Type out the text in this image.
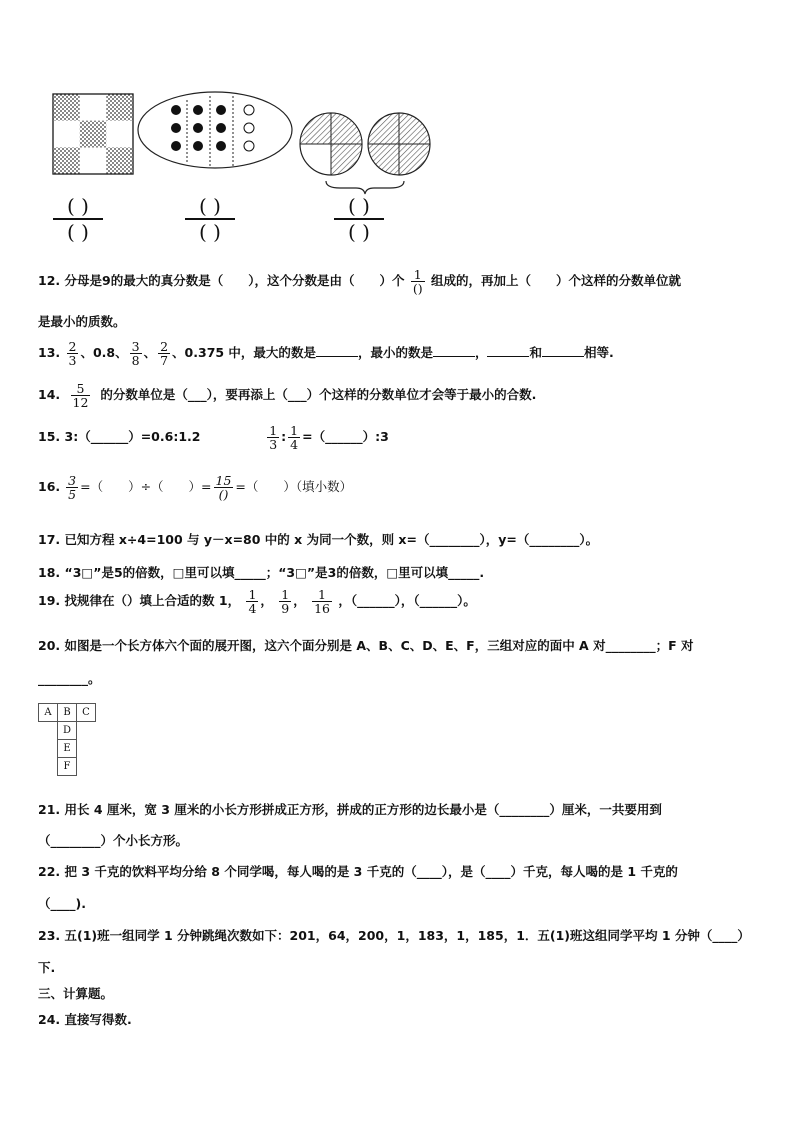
( )
( )
( )
( )
( )
( )
12. 分母是9的最大的真分数是（　　），这个分数是由（　　）个 $\frac{1}{()}$ 组成的，再加上（　　）个这样的分数单位就
是最小的质数。
13. $\frac{2}{3}$ 、0.8、 $\frac{3}{8}$ 、 $\frac{2}{7}$ 、0.375 中，最大的数是	，最小的数是	，	和	相等.
14. $\frac{5}{12}$ 的分数单位是（___），要再添上（___）个这样的分数单位才会等于最小的合数.
15. 3:（______）=0.6:1.2	$\frac{1}{3}$ : $\frac{1}{4}$ =（______）:3
16. $\frac{3}{5}$ =（　　）÷（　　）= $\frac{15}{()}$ =（　　）（填小数）
17. 已知方程 x÷4=100 与 y－x=80 中的 x 为同一个数，则 x=（________），y=（________）。
18. “3□”是5的倍数，□里可以填_____；“3□”是3的倍数，□里可以填_____.
19. 找规律在（）填上合适的数 1， $\frac{1}{4}$ ， $\frac{1}{9}$ ， $\frac{1}{16}$ ，（______），（______）。
20. 如图是一个长方体六个面的展开图，这六个面分别是 A、B、C、D、E、F，三组对应的面中 A 对________；F 对
________。
A	B	C
	D	
	E	
	F	
21. 用长 4 厘米，宽 3 厘米的小长方形拼成正方形，拼成的正方形的边长最小是（________）厘米，一共要用到
（________）个小长方形。
22. 把 3 千克的饮料平均分给 8 个同学喝，每人喝的是 3 千克的（____），是（____）千克，每人喝的是 1 千克的
（____).
23. 五(1)班一组同学 1 分钟跳绳次数如下：201，64，200，1，183，1，185，1．五(1)班这组同学平均 1 分钟（____）
下.
三、计算题。
24. 直接写得数.
